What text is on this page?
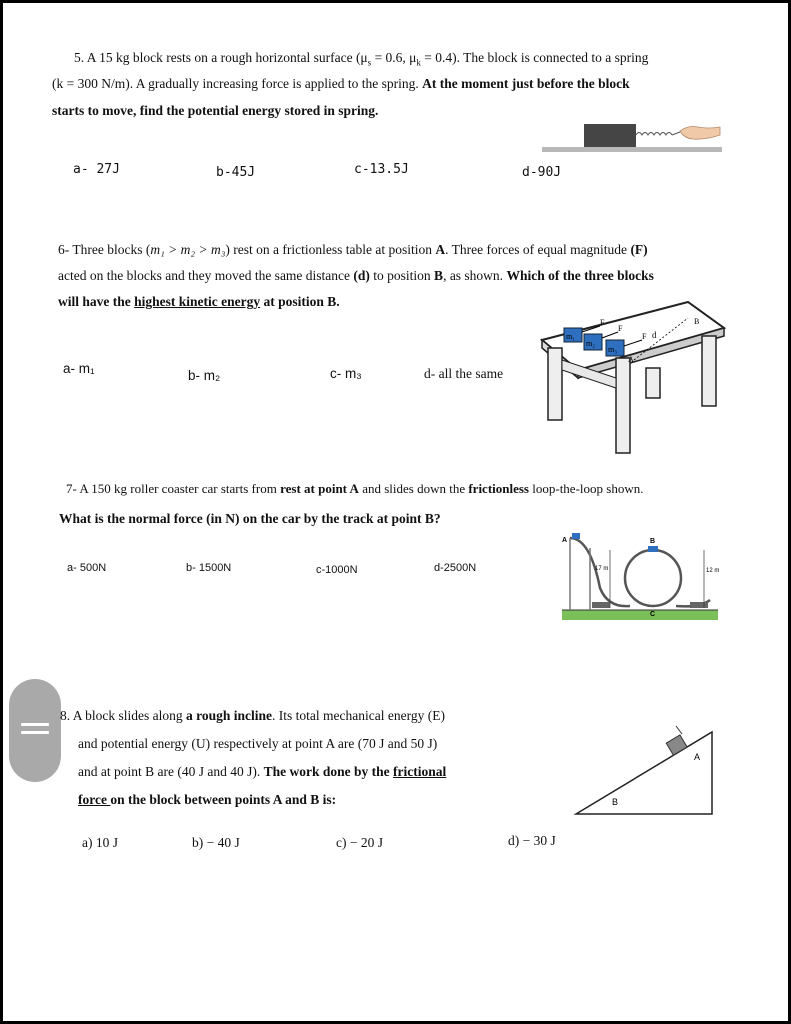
5. A 15 kg block rests on a rough horizontal surface ($\mu_s = 0.6$, $\mu_k = 0.4$). The block is connected to a spring
(k = 300 N/m). A gradually increasing force is applied to the spring. At the moment just before the block
starts to move, find the potential energy stored in spring.
a- 27J	b-45J	c-13.5J	d-90J
6- Three blocks (m₁ > m₂ > m₃) rest on a frictionless table at position A. Three forces of equal magnitude (F)
acted on the blocks and they moved the same distance (d) to position B, as shown. Which of the three blocks
will have the highest kinetic energy at position B.
m₁
m₂
m₃
F
F
F d
A
B
a- m₁	b- m₂	c- m₃	d- all the same
7- A 150 kg roller coaster car starts from rest at point A and slides down the frictionless loop-the-loop shown.
What is the normal force (in N) on the car by the track at point B?
A	B
C
17 m	12 m
a- 500N	b- 1500N	c-1000N	d-2500N
8. A block slides along a rough incline. Its total mechanical energy (E)
and potential energy (U) respectively at point A are (70 J and 50 J)
and at point B are (40 J and 40 J). The work done by the frictional
force on the block between points A and B is:
A
B
a) 10 J	b) − 40 J	c) − 20 J	d) − 30 J
